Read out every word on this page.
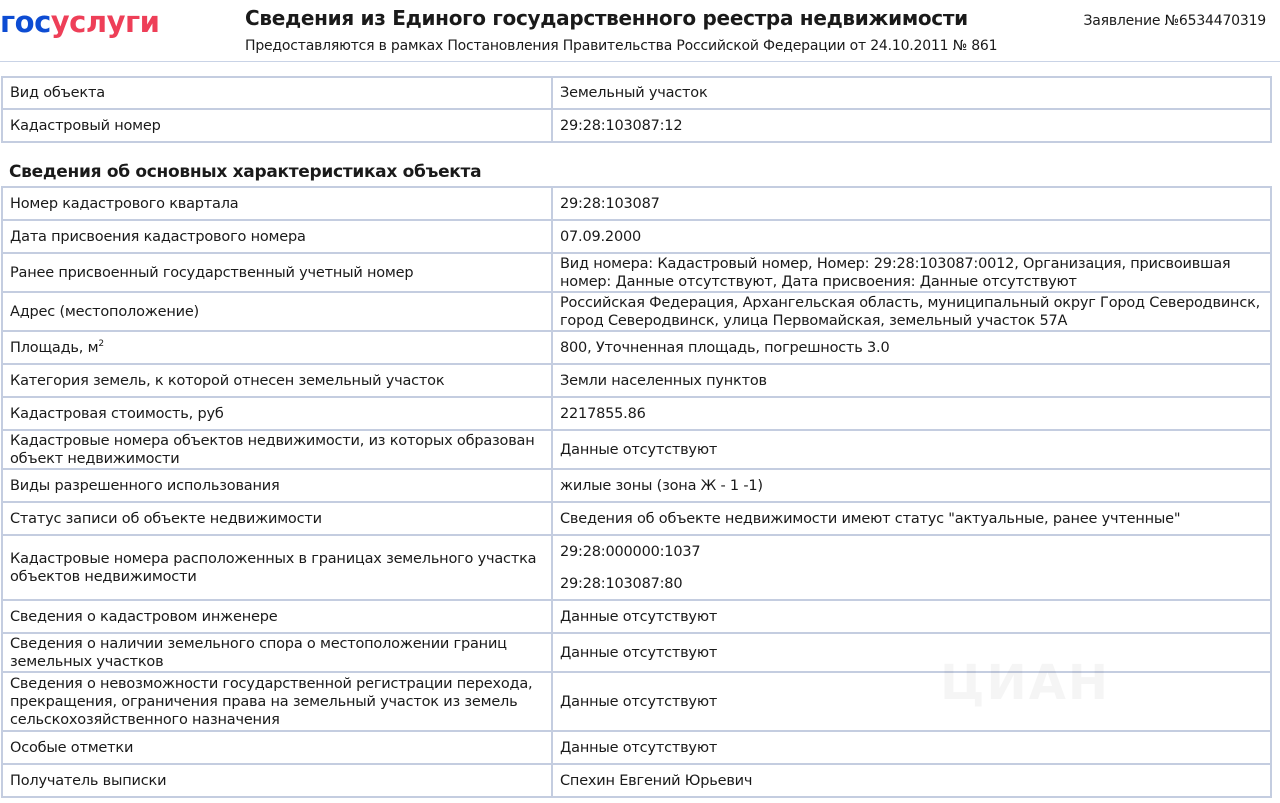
госуслуги	Сведения из Единого государственного реестра недвижимости
Предоставляются в рамках Постановления Правительства Российской Федерации от 24.10.2011 № 861
Заявление №6534470319
Вид объекта	Земельный участок
Кадастровый номер	29:28:103087:12
Сведения об основных характеристиках объекта
Номер кадастрового квартала	29:28:103087
Дата присвоения кадастрового номера	07.09.2000
Ранее присвоенный государственный учетный номер	Вид номера: Кадастровый номер, Номер: 29:28:103087:0012, Организация, присвоившая номер: Данные отсутствуют, Дата присвоения: Данные отсутствуют
Адрес (местоположение)	Российская Федерация, Архангельская область, муниципальный округ Город Северодвинск, город Северодвинск, улица Первомайская, земельный участок 57А
Площадь, $м^2$	800, Уточненная площадь, погрешность 3.0
Категория земель, к которой отнесен земельный участок	Земли населенных пунктов
Кадастровая стоимость, руб	2217855.86
Кадастровые номера объектов недвижимости, из которых образован объект недвижимости	Данные отсутствуют
Виды разрешенного использования	жилые зоны (зона Ж - 1 -1)
Статус записи об объекте недвижимости	Сведения об объекте недвижимости имеют статус "актуальные, ранее учтенные"
Кадастровые номера расположенных в границах земельного участка объектов недвижимости	29:28:000000:1037
29:28:103087:80

Сведения о кадастровом инженере	Данные отсутствуют
Сведения о наличии земельного спора о местоположении границ земельных участков	Данные отсутствуют
Сведения о невозможности государственной регистрации перехода, прекращения, ограничения права на земельный участок из земель сельскохозяйственного назначения	Данные отсутствуют
Особые отметки	Данные отсутствуют
Получатель выписки	Спехин Евгений Юрьевич
